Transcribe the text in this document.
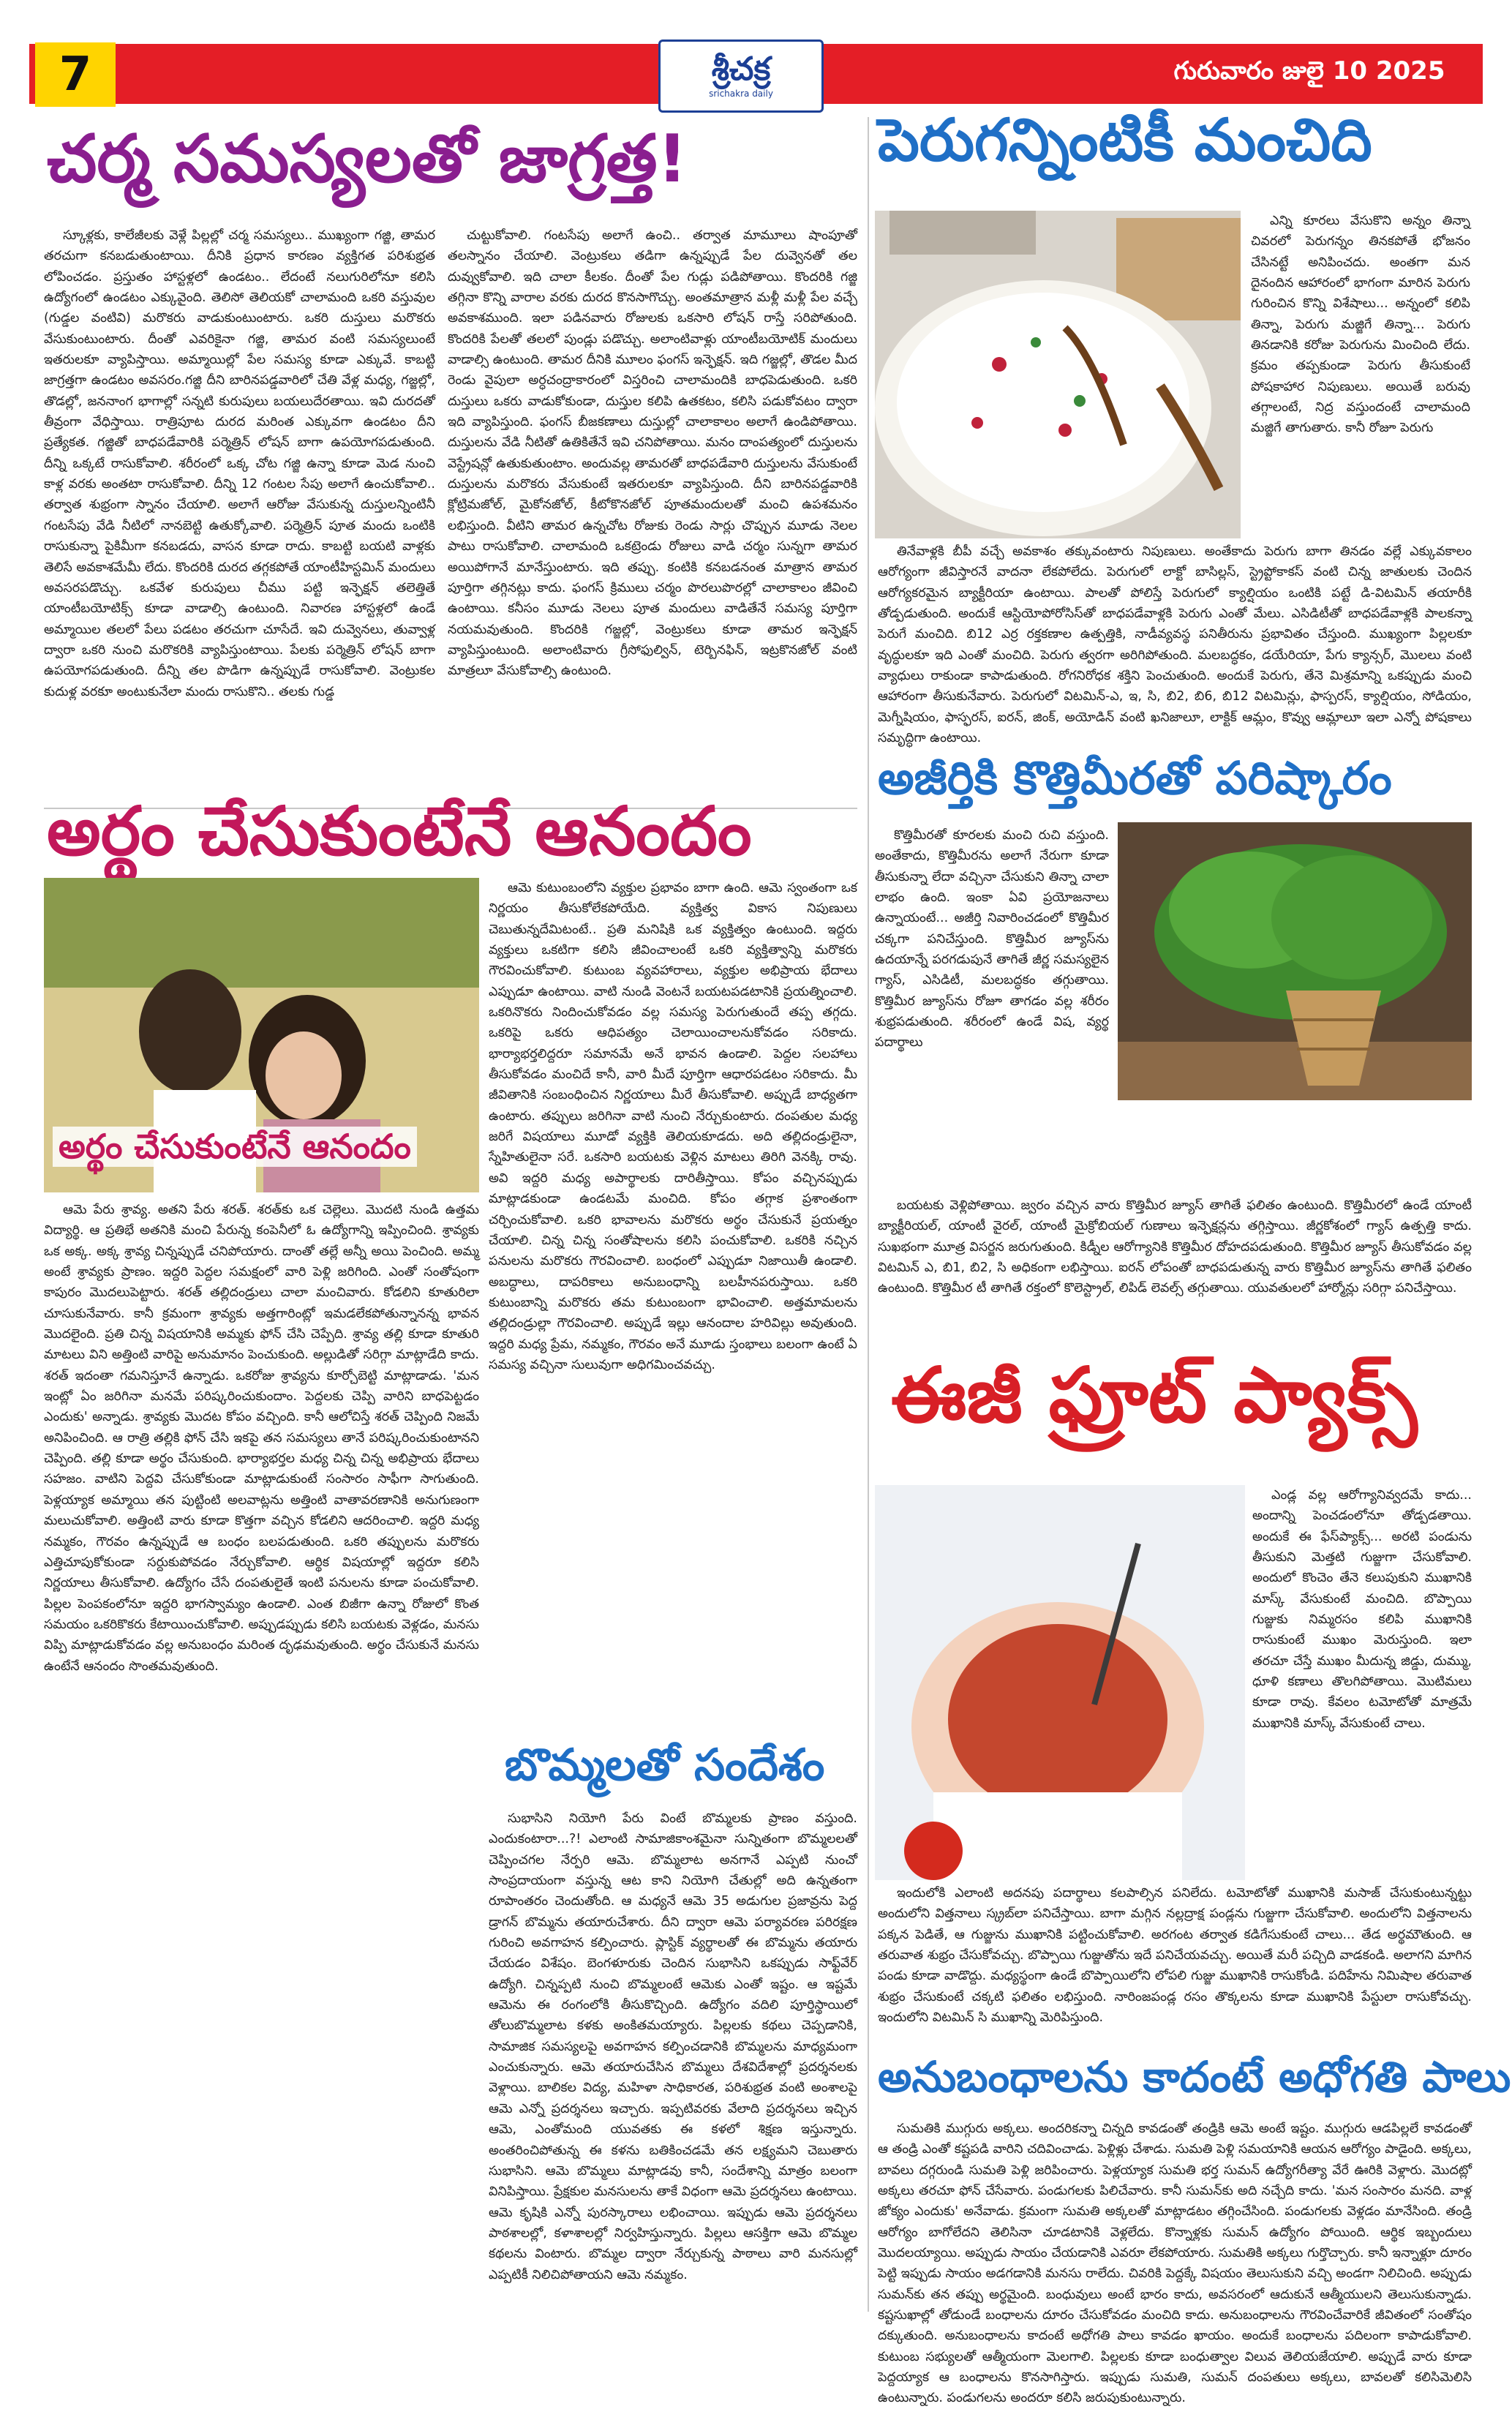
7	శ్రీచక్ర
srichakra daily
గురువారం జులై 10 2025
చర్మ సమస్యలతో జాగ్రత్త!

స్కూళ్లకు, కాలేజీలకు వెళ్లే పిల్లల్లో చర్మ సమస్యలు.. ముఖ్యంగా గజ్జి, తామర తరచుగా కనబడుతుంటాయి. దీనికి ప్రధాన కారణం వ్యక్తిగత పరిశుభ్రత లోపించడం. ప్రస్తుతం హాస్టళ్లలో ఉండటం.. లేదంటే నలుగురిలోనూ కలిసి ఉద్యోగంలో ఉండటం ఎక్కువైంది. తెలిసో తెలియకో చాలామంది ఒకరి వస్తువుల (గుడ్డల వంటివి) మరొకరు వాడుకుంటుంటారు. ఒకరి దుస్తులు మరొకరు వేసుకుంటుంటారు. దీంతో ఎవరికైనా గజ్జి, తామర వంటి సమస్యలుంటే ఇతరులకూ వ్యాపిస్తాయి. అమ్మాయిల్లో పేల సమస్య కూడా ఎక్కువే. కాబట్టి జాగ్రత్తగా ఉండటం అవసరం.గజ్జి దీని బారినపడ్డవారిలో చేతి వేళ్ల మధ్య, గజ్జల్లో, తొడల్లో, జననాంగ భాగాల్లో సన్నటి కురుపులు బయలుదేరతాయి. ఇవి దురదతో తీవ్రంగా వేధిస్తాయి. రాత్రిపూట దురద మరింత ఎక్కువగా ఉండటం దీని ప్రత్యేకత. గజ్జితో బాధపడేవారికి పర్మెత్రిన్ లోషన్ బాగా ఉపయోగపడుతుంది. దీన్ని ఒక్కటే రాసుకోవాలి. శరీరంలో ఒక్క చోట గజ్జి ఉన్నా కూడా మెడ నుంచి కాళ్ల వరకు అంతటా రాసుకోవాలి. దీన్ని 12 గంటల సేపు అలాగే ఉంచుకోవాలి.. తర్వాత శుభ్రంగా స్నానం చేయాలి. అలాగే ఆరోజు వేసుకున్న దుస్తులన్నింటినీ గంటసేపు వేడి నీటిలో నానబెట్టి ఉతుక్కోవాలి. పర్మెత్రిన్ పూత మందు ఒంటికి రాసుకున్నా పైకిమీగా కనబడదు, వాసన కూడా రాదు. కాబట్టి బయటి వాళ్లకు తెలిసే అవకాశమేమీ లేదు. కొందరికి దురద తగ్గకపోతే యాంటీహిస్టమిన్ మందులు అవసరపడొచ్చు. ఒకవేళ కురుపులు చీము పట్టి ఇన్ఫెక్షన్ తలెత్తితే యాంటీబయోటిక్స్ కూడా వాడాల్సి ఉంటుంది. నివారణ హాస్టళ్లలో ఉండే అమ్మాయిల తలలో పేలు పడటం తరచుగా చూసేదే. ఇవి దువ్వెనలు, తువ్వాళ్ల ద్వారా ఒకరి నుంచి మరొకరికి వ్యాపిస్తుంటాయి. పేలకు పర్మెత్రిన్ లోషన్ బాగా ఉపయోగపడుతుంది. దీన్ని తల పొడిగా ఉన్నప్పుడే రాసుకోవాలి. వెంట్రుకల కుదుళ్ల వరకూ అంటుకునేలా మందు రాసుకొని.. తలకు గుడ్డ

చుట్టుకోవాలి. గంటసేపు అలాగే ఉంచి.. తర్వాత మామూలు షాంపూతో తలస్నానం చేయాలి. వెంట్రుకలు తడిగా ఉన్నప్పుడే పేల దువ్వెనతో తల దువ్వుకోవాలి. ఇది చాలా కీలకం. దీంతో పేల గుడ్లు పడిపోతాయి. కొందరికి గజ్జి తగ్గినా కొన్ని వారాల వరకు దురద కొనసాగొచ్చు. అంతమాత్రాన మళ్లీ మళ్లీ పేల వచ్చే అవకాశముంది. ఇలా పడినవారు రోజులకు ఒకసారి లోషన్ రాస్తే సరిపోతుంది. కొందరికి పేలతో తలలో పుండ్లు పడొచ్చు. అలాంటివాళ్లు యాంటీబయోటిక్ మందులు వాడాల్సి ఉంటుంది. తామర దీనికి మూలం ఫంగస్ ఇన్ఫెక్షన్. ఇది గజ్జల్లో, తొడల మీద రెండు వైపులా అర్ధచంద్రాకారంలో విస్తరించి చాలామందికి బాధపెడుతుంది. ఒకరి దుస్తులు ఒకరు వాడుకోకుండా, దుస్తుల కలిపి ఉతకటం, కలిసి పడుకోవటం ద్వారా ఇది వ్యాపిస్తుంది. ఫంగస్ బీజకణాలు దుస్తుల్లో చాలాకాలం అలాగే ఉండిపోతాయి. దుస్తులను వేడి నీటితో ఉతికితేనే ఇవి చనిపోతాయి. మనం దాంపత్యంలో దుస్తులను వెస్ట్రేషన్లో ఉతుకుతుంటాం. అందువల్ల తామరతో బాధపడేవారి దుస్తులను వేసుకుంటే దుస్తులను మరొకరు వేసుకుంటే ఇతరులకూ వ్యాపిస్తుంది. దీని బారినపడ్డవారికి క్లోట్రిమజోల్, మైకోనజోల్, కీటోకొనజోల్ పూతమందులతో మంచి ఉపశమనం లభిస్తుంది. వీటిని తామర ఉన్నచోట రోజుకు రెండు సార్లు చొప్పున మూడు నెలల పాటు రాసుకోవాలి. చాలామంది ఒకట్రెండు రోజులు వాడి చర్మం సున్నగా తామర అయిపోగానే మానేస్తుంటారు. ఇది తప్పు. కంటికి కనబడనంత మాత్రాన తామర పూర్తిగా తగ్గినట్లు కాదు. ఫంగస్ క్రిములు చర్మం పొరలుపొరల్లో చాలాకాలం జీవించి ఉంటాయి. కనీసం మూడు నెలలు పూత మందులు వాడితేనే సమస్య పూర్తిగా నయమవుతుంది. కొందరికి గజ్జల్లో, వెంట్రుకలు కూడా తామర ఇన్ఫెక్షన్ వ్యాపిస్తుంటుంది. అలాంటివారు గ్రీసోఫుల్విన్, టెర్బినఫిన్, ఇట్రకొనజోల్ వంటి మాత్రలూ వేసుకోవాల్సి ఉంటుంది.

పెరుగన్నింటికీ మంచిది

ఎన్ని కూరలు వేసుకొని అన్నం తిన్నా చివరలో పెరుగన్నం తినకపోతే భోజనం చేసినట్టే అనిపించదు. అంతగా మన దైనందిన ఆహారంలో భాగంగా మారిన పెరుగు గురించిన కొన్ని విశేషాలు... అన్నంలో కలిపి తిన్నా, పెరుగు మజ్జిగే తిన్నా... పెరుగు తినడానికి కరోజు పెరుగును మించింది లేదు. క్రమం తప్పకుండా పెరుగు తీసుకుంటే పోషకాహార నిపుణులు. అయితే బరువు తగ్గాలంటే, నిద్ర వస్తుందంటే చాలామంది మజ్జిగే తాగుతారు. కానీ రోజూ పెరుగు

తినేవాళ్లకి బీపీ వచ్చే అవకాశం తక్కువంటారు నిపుణులు. అంతేకాదు పెరుగు బాగా తినడం వల్లే ఎక్కువకాలం ఆరోగ్యంగా జీవిస్తారనే వాదనా లేకపోలేదు. పెరుగులో లాక్టో బాసిల్లస్, స్ట్రెప్టోకాకస్ వంటి చిన్న జాతులకు చెందిన ఆరోగ్యకరమైన బ్యాక్టీరియా ఉంటాయి. పాలతో పోలిస్తే పెరుగులో క్యాల్షియం ఒంటికి పట్టే డి-విటమిన్ తయారీకి తోడ్పడుతుంది. అందుకే ఆస్టియోపోరోసిస్‌తో బాధపడేవాళ్లకి పెరుగు ఎంతో మేలు. ఎసిడిటీతో బాధపడేవాళ్లకి పాలకన్నా పెరుగే మంచిది. బి12 ఎర్ర రక్తకణాల ఉత్పత్తికి, నాడీవ్యవస్థ పనితీరును ప్రభావితం చేస్తుంది. ముఖ్యంగా పిల్లలకూ వృద్ధులకూ ఇది ఎంతో మంచిది. పెరుగు త్వరగా అరిగిపోతుంది. మలబద్ధకం, డయేరియా, పేగు క్యాన్సర్, మొలలు వంటి వ్యాధులు రాకుండా కాపాడుతుంది. రోగనిరోధక శక్తిని పెంచుతుంది. అందుకే పెరుగు, తేనె మిశ్రమాన్ని ఒకప్పుడు మంచి ఆహారంగా తీసుకునేవారు. పెరుగులో విటమిన్-ఎ, ఇ, సి, బి2, బి6, బి12 విటమిన్లు, ఫాస్పరస్, క్యాల్షియం, సోడియం, మెగ్నీషియం, ఫాస్ఫరస్, ఐరన్, జింక్, అయోడిన్ వంటి ఖనిజాలూ, లాక్టిక్ ఆమ్లం, కొవ్వు ఆమ్లాలూ ఇలా ఎన్నో పోషకాలు సమృద్ధిగా ఉంటాయి.

అజీర్తికి కొత్తిమీరతో పరిష్కారం

కొత్తిమీరతో కూరలకు మంచి రుచి వస్తుంది. అంతేకాదు, కొత్తిమీరను అలాగే నేరుగా కూడా తీసుకున్నా లేదా వచ్చినా చేసుకుని తిన్నా చాలా లాభం ఉంది. ఇంకా ఏవి ప్రయోజనాలు ఉన్నాయంటే... అజీర్తి నివారించడంలో కొత్తిమీర చక్కగా పనిచేస్తుంది. కొత్తిమీర జ్యూస్‌ను ఉదయాన్నే పరగడుపునే తాగితే జీర్ణ సమస్యలైన గ్యాస్, ఎసిడిటీ, మలబద్ధకం తగ్గుతాయి. కొత్తిమీర జ్యూస్‌ను రోజూ తాగడం వల్ల శరీరం శుభ్రపడుతుంది. శరీరంలో ఉండే విష, వ్యర్థ పదార్థాలు

బయటకు వెళ్లిపోతాయి. జ్వరం వచ్చిన వారు కొత్తిమీర జ్యూస్ తాగితే ఫలితం ఉంటుంది. కొత్తిమీరలో ఉండే యాంటీ బ్యాక్టీరియల్, యాంటీ వైరల్, యాంటీ మైక్రోబియల్ గుణాలు ఇన్ఫెక్షన్లను తగ్గిస్తాయి. జీర్ణకోశంలో గ్యాస్ ఉత్పత్తి కాదు. సుఖభంగా మూత్ర విసర్జన జరుగుతుంది. కిడ్నీల ఆరోగ్యానికి కొత్తిమీర దోహదపడుతుంది. కొత్తిమీర జ్యూస్ తీసుకోవడం వల్ల విటమిన్ ఎ, బి1, బి2, సి అధికంగా లభిస్తాయి. ఐరన్ లోపంతో బాధపడుతున్న వారు కొత్తిమీర జ్యూస్‌ను తాగితే ఫలితం ఉంటుంది. కొత్తిమీర టీ తాగితే రక్తంలో కొలెస్ట్రాల్, లిపిడ్ లెవల్స్ తగ్గుతాయి. యువతులలో హార్మోన్లు సరిగ్గా పనిచేస్తాయి.

ఈజీ ఫ్రూట్ ప్యాక్స్

ఎండ్ల వల్ల ఆరోగ్యానివ్వదమే కాదు... అందాన్ని పెంచడంలోనూ తోడ్పడతాయి. అందుకే ఈ ఫేస్‌ప్యాక్స్... అరటి పండును తీసుకుని మెత్తటి గుజ్జుగా చేసుకోవాలి. అందులో కొంచెం తేనె కలుపుకుని ముఖానికి మాస్క్ వేసుకుంటే మంచిది. బొప్పాయి గుజ్జుకు నిమ్మరసం కలిపి ముఖానికి రాసుకుంటే ముఖం మెరుస్తుంది. ఇలా తరచూ చేస్తే ముఖం మీదున్న జిడ్డు, దుమ్ము, ధూళి కణాలు తొలగిపోతాయి. మొటిమలు కూడా రావు. కేవలం టమోటోతో మాత్రమే ముఖానికి మాస్క్ వేసుకుంటే చాలు.

ఇందులోకి ఎలాంటి అదనపు పదార్థాలు కలపాల్సిన పనిలేదు. టమోటోతో ముఖానికి మసాజ్ చేసుకుంటున్నట్టు అందులోని విత్తనాలు స్క్రబ్‌లా పనిచేస్తాయి. బాగా మగ్గిన నల్లద్రాక్ష పండ్లను గుజ్జుగా చేసుకోవాలి. అందులోని విత్తనాలను పక్కన పెడితే, ఆ గుజ్జును ముఖానికి పట్టించుకోవాలి. అరగంట తర్వాత కడిగేసుకుంటే చాలు... తేడ అర్థమౌతుంది. ఆ తరువాత శుభ్రం చేసుకోవచ్చు. బొప్పాయి గుజ్జుతోను ఇదే పనిచేయవచ్చు. అయితే మరీ పచ్చిది వాడకండి. అలాగని మాగిన పండు కూడా వాడొద్దు. మధ్యస్థంగా ఉండే బొప్పాయిలోని లోపలి గుజ్జు ముఖానికి రాసుకోండి. పదిహేను నిమిషాల తరువాత శుభ్రం చేసుకుంటే చక్కటి ఫలితం లభిస్తుంది. నారింజపండ్ల రసం తొక్కలను కూడా ముఖానికి పేస్టులా రాసుకోవచ్చు. ఇందులోని విటమిన్ సి ముఖాన్ని మెరిపిస్తుంది.

అనుబంధాలను కాదంటే అధోగతి పాలు

సుమతికి ముగ్గురు అక్కలు. అందరికన్నా చిన్నది కావడంతో తండ్రికి ఆమె అంటే ఇష్టం. ముగ్గురు ఆడపిల్లలే కావడంతో ఆ తండ్రి ఎంతో కష్టపడి వారిని చదివించాడు. పెళ్లిళ్లు చేశాడు. సుమతి పెళ్లి సమయానికి ఆయన ఆరోగ్యం పాడైంది. అక్కలు, బావలు దగ్గరుండి సుమతి పెళ్లి జరిపించారు. పెళ్లయ్యాక సుమతి భర్త సుమన్ ఉద్యోగరీత్యా వేరే ఊరికి వెళ్లారు. మొదట్లో అక్కలు తరచూ ఫోన్ చేసేవారు. పండుగలకు పిలిచేవారు. కానీ సుమన్‌కు అది నచ్చేది కాదు. 'మన సంసారం మనది. వాళ్ల జోక్యం ఎందుకు' అనేవాడు. క్రమంగా సుమతి అక్కలతో మాట్లాడటం తగ్గించేసింది. పండుగలకు వెళ్లడం మానేసింది. తండ్రి ఆరోగ్యం బాగోలేదని తెలిసినా చూడటానికి వెళ్లలేదు. కొన్నాళ్లకు సుమన్ ఉద్యోగం పోయింది. ఆర్థిక ఇబ్బందులు మొదలయ్యాయి. అప్పుడు సాయం చేయడానికి ఎవరూ లేకపోయారు. సుమతికి అక్కలు గుర్తొచ్చారు. కానీ ఇన్నాళ్లూ దూరం పెట్టి ఇప్పుడు సాయం అడగడానికి మనసు రాలేదు. చివరికి పెద్దక్కే విషయం తెలుసుకుని వచ్చి అండగా నిలిచింది. అప్పుడు సుమన్‌కు తన తప్పు అర్థమైంది. బంధువులు అంటే భారం కాదు, అవసరంలో ఆదుకునే ఆత్మీయులని తెలుసుకున్నాడు. కష్టసుఖాల్లో తోడుండే బంధాలను దూరం చేసుకోవడం మంచిది కాదు. అనుబంధాలను గౌరవించేవారికే జీవితంలో సంతోషం దక్కుతుంది. అనుబంధాలను కాదంటే అధోగతి పాలు కావడం ఖాయం. అందుకే బంధాలను పదిలంగా కాపాడుకోవాలి. కుటుంబ సభ్యులతో ఆత్మీయంగా మెలగాలి. పిల్లలకు కూడా బంధుత్వాల విలువ తెలియజేయాలి. అప్పుడే వారు కూడా పెద్దయ్యాక ఆ బంధాలను కొనసాగిస్తారు. ఇప్పుడు సుమతి, సుమన్ దంపతులు అక్కలు, బావలతో కలిసిమెలిసి ఉంటున్నారు. పండుగలను అందరూ కలిసి జరుపుకుంటున్నారు.

అర్థం చేసుకుంటేనే ఆనందం
అర్థం చేసుకుంటేనే ఆనందం

ఆమె పేరు శ్రావ్య. అతని పేరు శరత్. శరత్‌కు ఒక చెల్లెలు. మొదటి నుండి ఉత్తమ విద్యార్థి. ఆ ప్రతిభే అతనికి మంచి పేరున్న కంపెనీలో ఓ ఉద్యోగాన్ని ఇప్పించింది. శ్రావ్యకు ఒక అక్క. అక్క శ్రావ్య చిన్నప్పుడే చనిపోయారు. దాంతో తల్లే అన్నీ అయి పెంచింది. అమ్మ అంటే శ్రావ్యకు ప్రాణం. ఇద్దరి పెద్దల సమక్షంలో వారి పెళ్లి జరిగింది. ఎంతో సంతోషంగా కాపురం మొదలుపెట్టారు. శరత్ తల్లిదండ్రులు చాలా మంచివారు. కోడలిని కూతురిలా చూసుకునేవారు. కానీ క్రమంగా శ్రావ్యకు అత్తగారింట్లో ఇమడలేకపోతున్నానన్న భావన మొదలైంది. ప్రతి చిన్న విషయానికి అమ్మకు ఫోన్ చేసి చెప్పేది. శ్రావ్య తల్లి కూడా కూతురి మాటలు విని అత్తింటి వారిపై అనుమానం పెంచుకుంది. అల్లుడితో సరిగ్గా మాట్లాడేది కాదు. శరత్ ఇదంతా గమనిస్తూనే ఉన్నాడు. ఒకరోజు శ్రావ్యను కూర్చోబెట్టి మాట్లాడాడు. 'మన ఇంట్లో ఏం జరిగినా మనమే పరిష్కరించుకుందాం. పెద్దలకు చెప్పి వారిని బాధపెట్టడం ఎందుకు' అన్నాడు. శ్రావ్యకు మొదట కోపం వచ్చింది. కానీ ఆలోచిస్తే శరత్ చెప్పింది నిజమే అనిపించింది. ఆ రాత్రి తల్లికి ఫోన్ చేసి ఇకపై తన సమస్యలు తానే పరిష్కరించుకుంటానని చెప్పింది. తల్లి కూడా అర్థం చేసుకుంది. భార్యాభర్తల మధ్య చిన్న చిన్న అభిప్రాయ భేదాలు సహజం. వాటిని పెద్దవి చేసుకోకుండా మాట్లాడుకుంటే సంసారం సాఫీగా సాగుతుంది. పెళ్లయ్యాక అమ్మాయి తన పుట్టింటి అలవాట్లను అత్తింటి వాతావరణానికి అనుగుణంగా మలుచుకోవాలి. అత్తింటి వారు కూడా కొత్తగా వచ్చిన కోడలిని ఆదరించాలి. ఇద్దరి మధ్య నమ్మకం, గౌరవం ఉన్నప్పుడే ఆ బంధం బలపడుతుంది. ఒకరి తప్పులను మరొకరు ఎత్తిచూపుకోకుండా సర్దుకుపోవడం నేర్చుకోవాలి. ఆర్థిక విషయాల్లో ఇద్దరూ కలిసి నిర్ణయాలు తీసుకోవాలి. ఉద్యోగం చేసే దంపతులైతే ఇంటి పనులను కూడా పంచుకోవాలి. పిల్లల పెంపకంలోనూ ఇద్దరి భాగస్వామ్యం ఉండాలి. ఎంత బిజీగా ఉన్నా రోజులో కొంత సమయం ఒకరికొకరు కేటాయించుకోవాలి. అప్పుడప్పుడు కలిసి బయటకు వెళ్లడం, మనసు విప్పి మాట్లాడుకోవడం వల్ల అనుబంధం మరింత దృఢమవుతుంది. అర్థం చేసుకునే మనసు ఉంటేనే ఆనందం సొంతమవుతుంది.

ఆమె కుటుంబంలోని వ్యక్తుల ప్రభావం బాగా ఉంది. ఆమె స్వంతంగా ఒక నిర్ణయం తీసుకోలేకపోయేది. వ్యక్తిత్వ వికాస నిపుణులు చెబుతున్నదేమిటంటే.. ప్రతి మనిషికి ఒక వ్యక్తిత్వం ఉంటుంది. ఇద్దరు వ్యక్తులు ఒకటిగా కలిసి జీవించాలంటే ఒకరి వ్యక్తిత్వాన్ని మరొకరు గౌరవించుకోవాలి. కుటుంబ వ్యవహారాలు, వ్యక్తుల అభిప్రాయ భేదాలు ఎప్పుడూ ఉంటాయి. వాటి నుండి వెంటనే బయటపడటానికి ప్రయత్నించాలి. ఒకరినొకరు నిందించుకోవడం వల్ల సమస్య పెరుగుతుందే తప్ప తగ్గదు. ఒకరిపై ఒకరు ఆధిపత్యం చెలాయించాలనుకోవడం సరికాదు. భార్యాభర్తలిద్దరూ సమానమే అనే భావన ఉండాలి. పెద్దల సలహాలు తీసుకోవడం మంచిదే కానీ, వారి మీదే పూర్తిగా ఆధారపడటం సరికాదు. మీ జీవితానికి సంబంధించిన నిర్ణయాలు మీరే తీసుకోవాలి. అప్పుడే బాధ్యతగా ఉంటారు. తప్పులు జరిగినా వాటి నుంచి నేర్చుకుంటారు. దంపతుల మధ్య జరిగే విషయాలు మూడో వ్యక్తికి తెలియకూడదు. అది తల్లిదండ్రులైనా, స్నేహితులైనా సరే. ఒకసారి బయటకు వెళ్లిన మాటలు తిరిగి వెనక్కి రావు. అవి ఇద్దరి మధ్య అపార్థాలకు దారితీస్తాయి. కోపం వచ్చినప్పుడు మాట్లాడకుండా ఉండటమే మంచిది. కోపం తగ్గాక ప్రశాంతంగా చర్చించుకోవాలి. ఒకరి భావాలను మరొకరు అర్థం చేసుకునే ప్రయత్నం చేయాలి. చిన్న చిన్న సంతోషాలను కలిసి పంచుకోవాలి. ఒకరికి నచ్చిన పనులను మరొకరు గౌరవించాలి. బంధంలో ఎప్పుడూ నిజాయితీ ఉండాలి. అబద్ధాలు, దాపరికాలు అనుబంధాన్ని బలహీనపరుస్తాయి. ఒకరి కుటుంబాన్ని మరొకరు తమ కుటుంబంగా భావించాలి. అత్తమామలను తల్లిదండ్రుల్లా గౌరవించాలి. అప్పుడే ఇల్లు ఆనందాల హరివిల్లు అవుతుంది. ఇద్దరి మధ్య ప్రేమ, నమ్మకం, గౌరవం అనే మూడు స్తంభాలు బలంగా ఉంటే ఏ సమస్య వచ్చినా సులువుగా అధిగమించవచ్చు.

బొమ్మలతో సందేశం

సుభాసిని నియోగి పేరు వింటే బొమ్మలకు ప్రాణం వస్తుంది. ఎందుకంటారా...?! ఎలాంటి సామాజికాంశమైనా సున్నితంగా బొమ్మలలతో చెప్పించగల నేర్పరి ఆమె. బొమ్మలాట అనగానే ఎప్పటి నుంచో సాంప్రదాయంగా వస్తున్న ఆట కాని నియోగి చేతుల్లో అది ఉన్నతంగా రూపాంతరం చెందుతోంది. ఆ మధ్యనే ఆమె 35 అడుగుల ప్రజావ్రను పెద్ద డ్రాగన్ బొమ్మను తయారుచేశారు. దీని ద్వారా ఆమె పర్యావరణ పరిరక్షణ గురించి అవగాహన కల్పించారు. ప్లాస్టిక్ వ్యర్థాలతో ఈ బొమ్మను తయారు చేయడం విశేషం. బెంగళూరుకు చెందిన సుభాసిని ఒకప్పుడు సాఫ్ట్‌వేర్ ఉద్యోగి. చిన్నప్పటి నుంచి బొమ్మలంటే ఆమెకు ఎంతో ఇష్టం. ఆ ఇష్టమే ఆమెను ఈ రంగంలోకి తీసుకొచ్చింది. ఉద్యోగం వదిలి పూర్తిస్థాయిలో తోలుబొమ్మలాట కళకు అంకితమయ్యారు. పిల్లలకు కథలు చెప్పడానికి, సామాజిక సమస్యలపై అవగాహన కల్పించడానికి బొమ్మలను మాధ్యమంగా ఎంచుకున్నారు. ఆమె తయారుచేసిన బొమ్మలు దేశవిదేశాల్లో ప్రదర్శనలకు వెళ్లాయి. బాలికల విద్య, మహిళా సాధికారత, పరిశుభ్రత వంటి అంశాలపై ఆమె ఎన్నో ప్రదర్శనలు ఇచ్చారు. ఇప్పటివరకు వేలాది ప్రదర్శనలు ఇచ్చిన ఆమె, ఎంతోమంది యువతకు ఈ కళలో శిక్షణ ఇస్తున్నారు. అంతరించిపోతున్న ఈ కళను బతికించడమే తన లక్ష్యమని చెబుతారు సుభాసిని. ఆమె బొమ్మలు మాట్లాడవు కానీ, సందేశాన్ని మాత్రం బలంగా వినిపిస్తాయి. ప్రేక్షకుల మనసులను తాకే విధంగా ఆమె ప్రదర్శనలు ఉంటాయి. ఆమె కృషికి ఎన్నో పురస్కారాలు లభించాయి. ఇప్పుడు ఆమె ప్రదర్శనలు పాఠశాలల్లో, కళాశాలల్లో నిర్వహిస్తున్నారు. పిల్లలు ఆసక్తిగా ఆమె బొమ్మల కథలను వింటారు. బొమ్మల ద్వారా నేర్చుకున్న పాఠాలు వారి మనసుల్లో ఎప్పటికీ నిలిచిపోతాయని ఆమె నమ్మకం.
